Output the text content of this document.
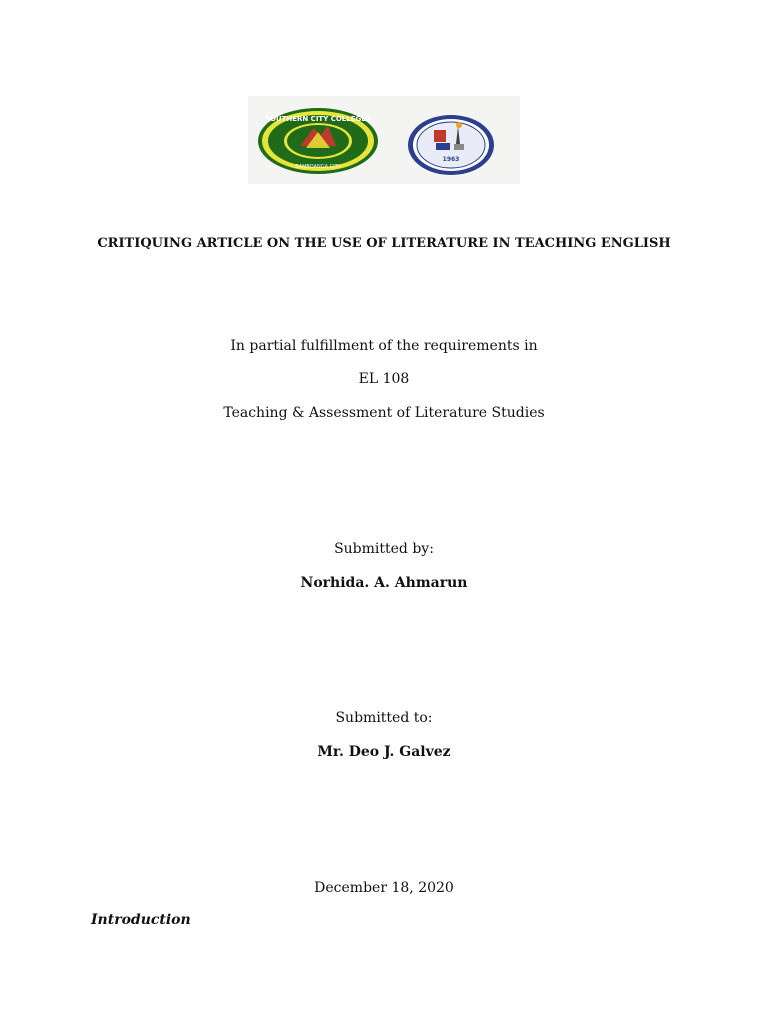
SOUTHERN CITY COLLEGES
ZAMBOANGA CITY
1963
CRITIQUING ARTICLE ON THE USE OF LITERATURE IN TEACHING ENGLISH
In partial fulfillment of the requirements in
EL 108
Teaching & Assessment of Literature Studies
Submitted by:
Norhida. A. Ahmarun
Submitted to:
Mr. Deo J. Galvez
December 18, 2020
Introduction
